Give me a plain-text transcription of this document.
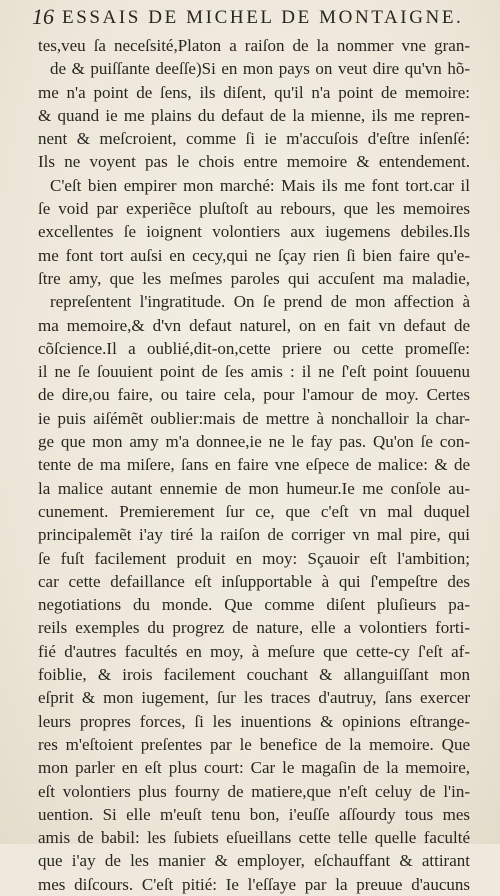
16 ESSAIS DE MICHEL DE MONTAIGNE.
tes,veu ſa neceſsité,Platon a raiſon de la nommer vne gran-
de & puiſſante deeſſe)Si en mon pays on veut dire qu'vn hõ-
me n'a point de ſens, ils diſent, qu'il n'a point de memoire:
& quand ie me plains du defaut de la mienne, ils me repren-
nent & meſcroient, comme ſi ie m'accuſois d'eſtre inſenſé:
Ils ne voyent pas le chois entre memoire & entendement.
C'eſt bien empirer mon marché: Mais ils me font tort.car il
ſe void par experiẽce pluſtoſt au rebours, que les memoires
excellentes ſe ioignent volontiers aux iugemens debiles.Ils
me font tort auſsi en cecy,qui ne ſçay rien ſi bien faire qu'e-
ſtre amy, que les meſmes paroles qui accuſent ma maladie,
repreſentent l'ingratitude. On ſe prend de mon affection à
ma memoire,& d'vn defaut naturel, on en fait vn defaut de
cõſcience.Il a oublié,dit-on,cette priere ou cette promeſſe:
il ne ſe ſouuient point de ſes amis : il ne ſ'eſt point ſouuenu
de dire,ou faire, ou taire cela, pour l'amour de moy. Certes
ie puis aiſémẽt oublier:mais de mettre à nonchalloir la char-
ge que mon amy m'a donnee,ie ne le fay pas. Qu'on ſe con-
tente de ma miſere, ſans en faire vne eſpece de malice: & de
la malice autant ennemie de mon humeur.Ie me conſole au-
cunement. Premierement ſur ce, que c'eſt vn mal duquel
principalemẽt i'ay tiré la raiſon de corriger vn mal pire, qui
ſe fuſt facilement produit en moy: Sçauoir eſt l'ambition;
car cette defaillance eſt inſupportable à qui ſ'empeſtre des
negotiations du monde. Que comme diſent pluſieurs pa-
reils exemples du progrez de nature, elle a volontiers forti-
fié d'autres facultés en moy, à meſure que cette-cy ſ'eſt af-
foiblie, & irois facilement couchant & allanguiſſant mon
eſprit & mon iugement, ſur les traces d'autruy, ſans exercer
leurs propres forces, ſi les inuentions & opinions eſtrange-
res m'eſtoient preſentes par le benefice de la memoire. Que
mon parler en eſt plus court: Car le magaſin de la memoire,
eſt volontiers plus fourny de matiere,que n'eſt celuy de l'in-
uention. Si elle m'euſt tenu bon, i'euſſe aſſourdy tous mes
amis de babil: les ſubiets eſueillans cette telle quelle faculté
que i'ay de les manier & employer, eſchauffant & attirant
mes diſcours. C'eſt pitié: Ie l'eſſaye par la preuue d'aucuns
